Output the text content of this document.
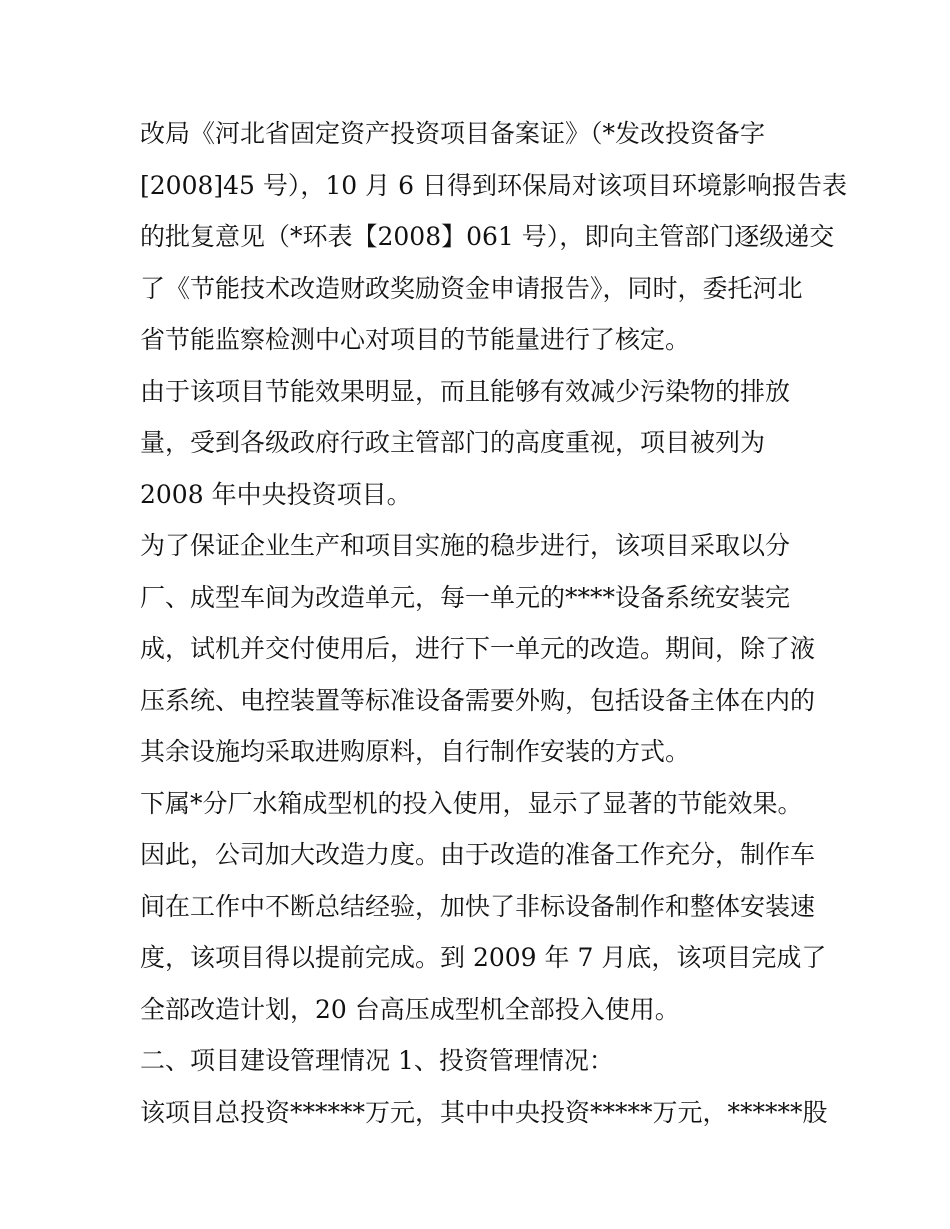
改局《河北省固定资产投资项目备案证》（*发改投资备字
[2008]45 号），10 月 6 日得到环保局对该项目环境影响报告表
的批复意见（*环表【2008】061 号），即向主管部门逐级递交
了《节能技术改造财政奖励资金申请报告》，同时，委托河北
省节能监察检测中心对项目的节能量进行了核定。
由于该项目节能效果明显，而且能够有效减少污染物的排放
量，受到各级政府行政主管部门的高度重视，项目被列为
2008 年中央投资项目。
为了保证企业生产和项目实施的稳步进行，该项目采取以分
厂、成型车间为改造单元，每一单元的****设备系统安装完
成，试机并交付使用后，进行下一单元的改造。期间，除了液
压系统、电控装置等标准设备需要外购，包括设备主体在内的
其余设施均采取进购原料，自行制作安装的方式。
下属*分厂水箱成型机的投入使用，显示了显著的节能效果。
因此，公司加大改造力度。由于改造的准备工作充分，制作车
间在工作中不断总结经验，加快了非标设备制作和整体安装速
度，该项目得以提前完成。到 2009 年 7 月底，该项目完成了
全部改造计划，20 台高压成型机全部投入使用。
二、项目建设管理情况 1、投资管理情况：
该项目总投资******万元，其中中央投资*****万元，******股
